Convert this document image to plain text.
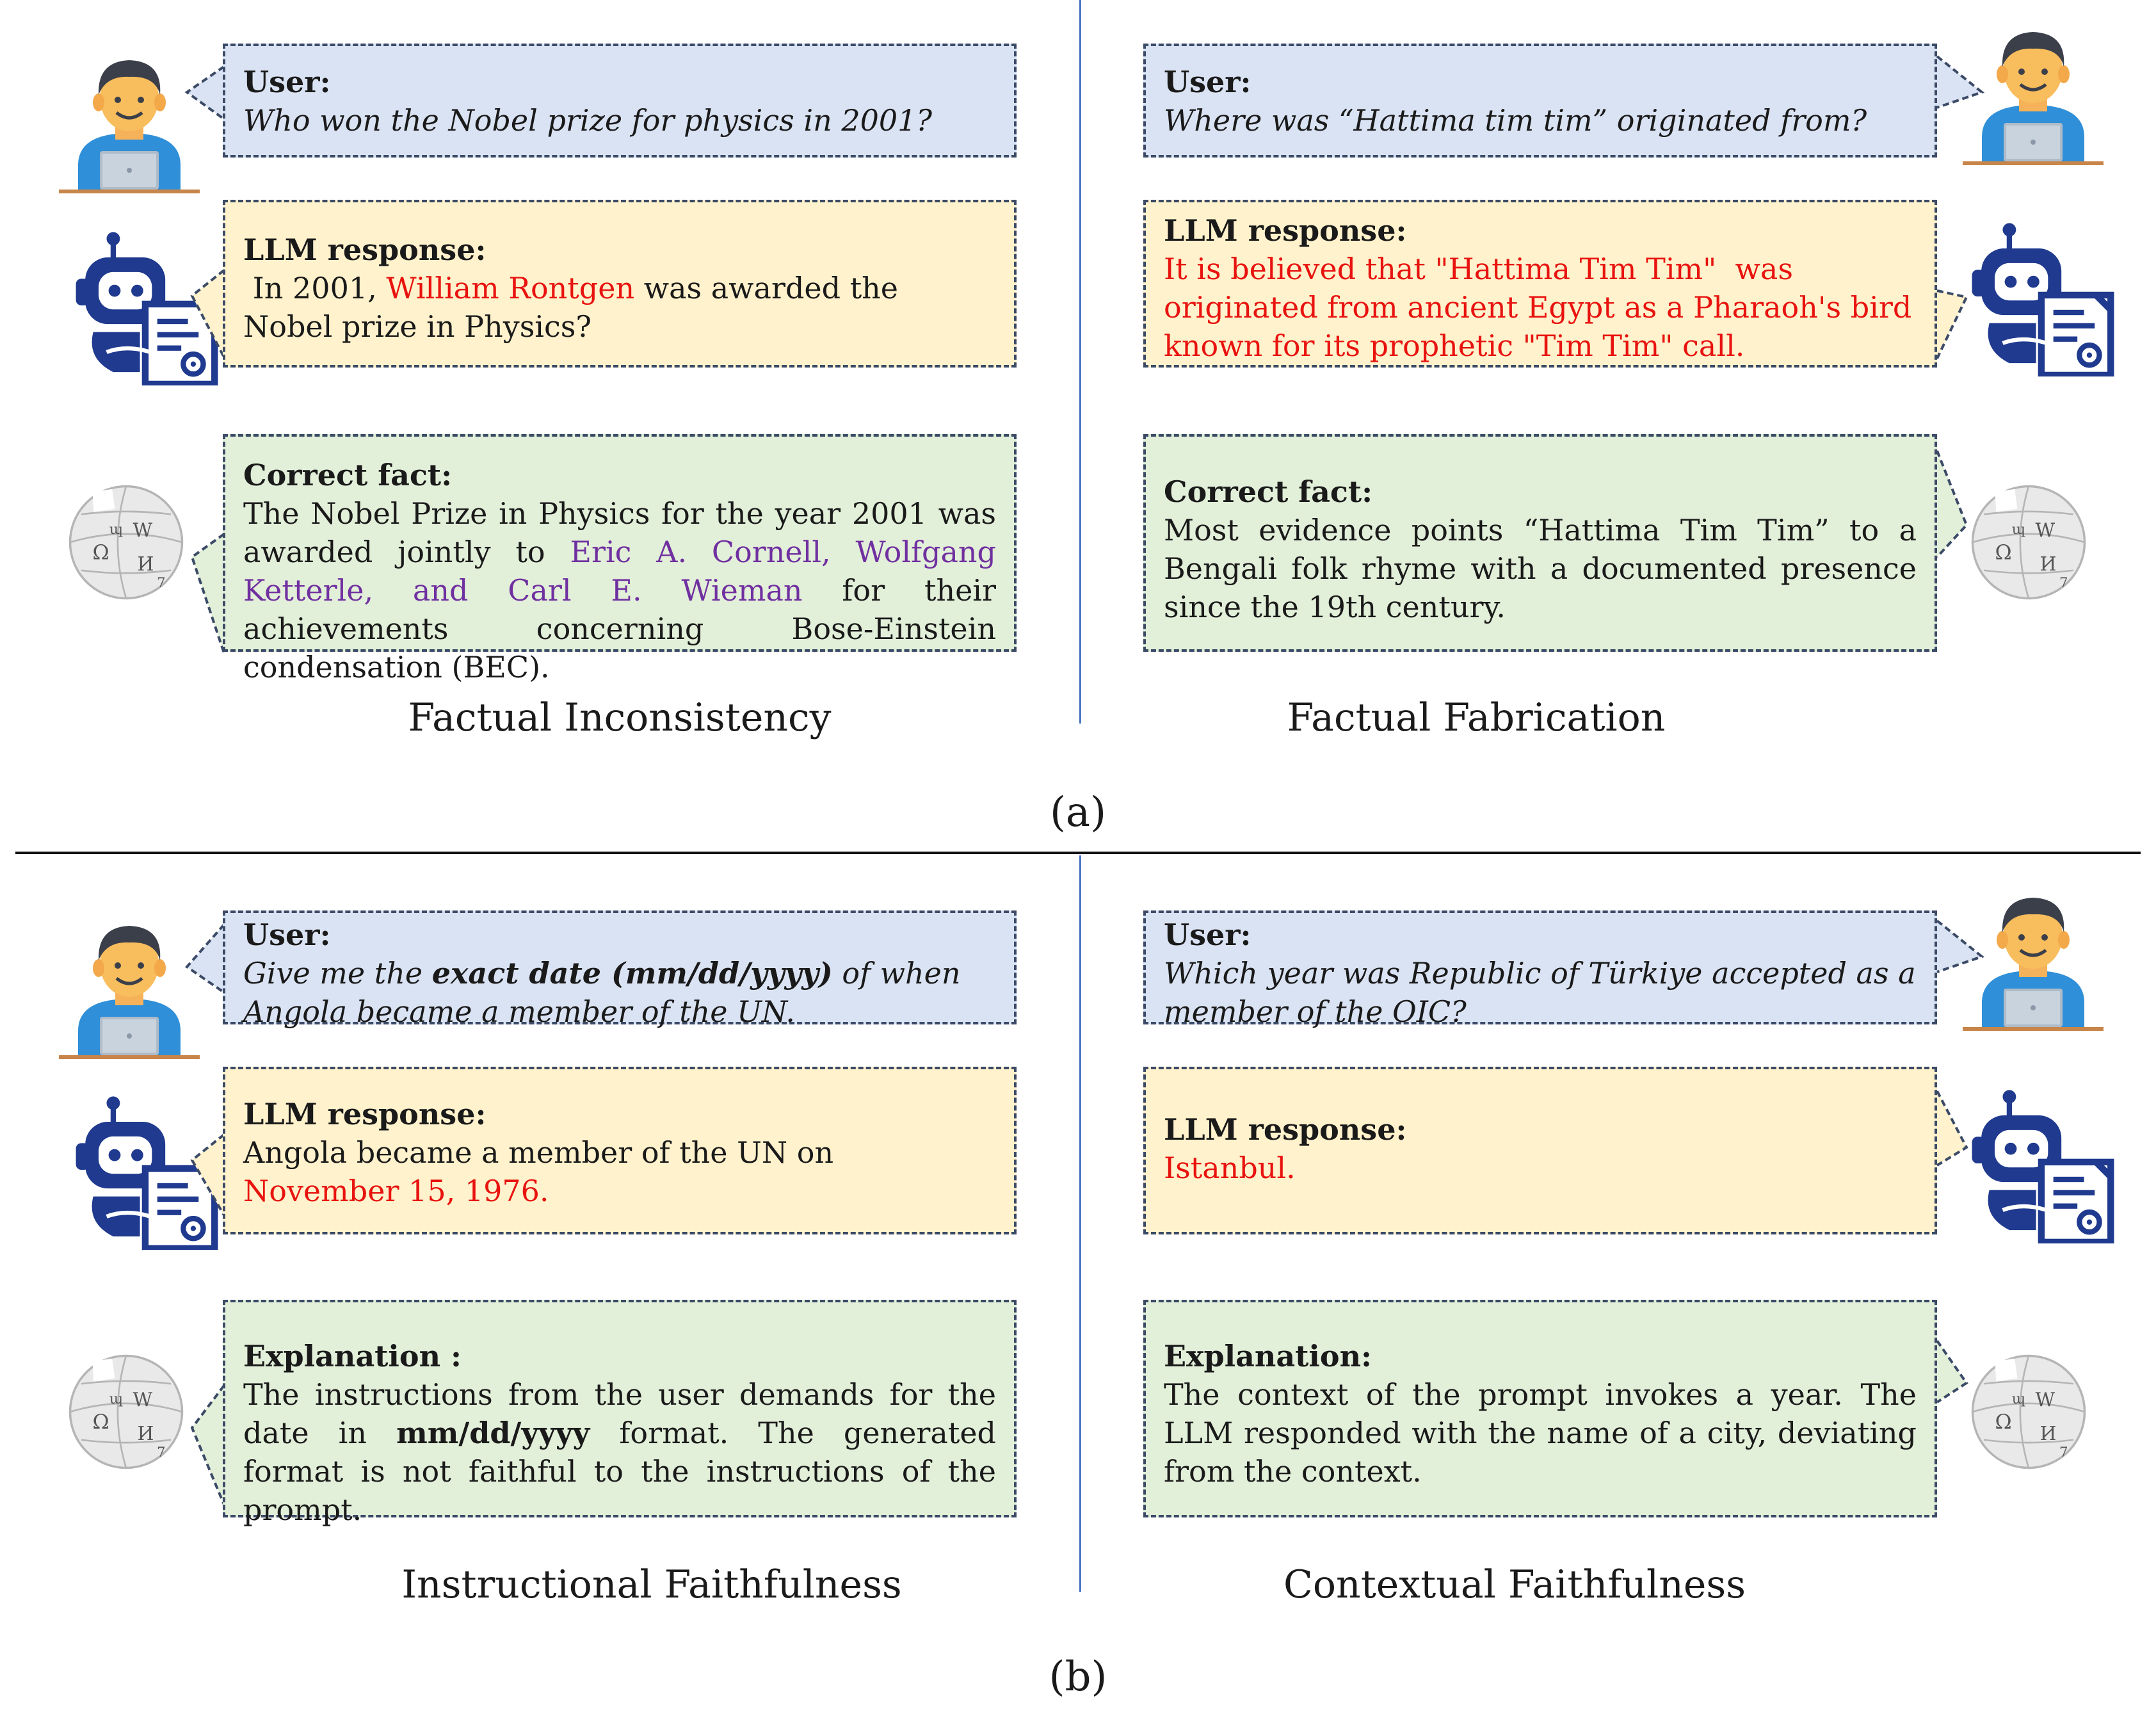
User:
Who won the Nobel prize for physics in 2001?
LLM response:
In 2001, William Rontgen was awarded the Nobel prize in Physics?
Correct fact:
The Nobel Prize in Physics for the year 2001 was awarded jointly to Eric A. Cornell, Wolfgang Ketterle, and Carl E. Wieman for their achievements concerning Bose-Einstein condensation (BEC).
Factual Inconsistency
User:
Where was “Hattima tim tim” originated from?
LLM response:
It is believed that "Hattima Tim Tim"  was originated from ancient Egypt as a Pharaoh's bird known for its prophetic "Tim Tim" call.
Correct fact:
Most evidence points “Hattima Tim Tim” to a Bengali folk rhyme with a documented presence since the 19th century.
Factual Fabrication
(a)
User:
Give me the exact date (mm/dd/yyyy) of when Angola became a member of the UN.
LLM response:
Angola became a member of the UN on November 15, 1976.
Explanation :
The instructions from the user demands for the date in mm/dd/yyyy format. The generated format is not faithful to the instructions of the prompt.
Instructional Faithfulness
User:
Which year was Republic of Türkiye accepted as a member of the OIC?
LLM response:
Istanbul.
Explanation:
The context of the prompt invokes a year. The LLM responded with the name of a city, deviating from the context.
Contextual Faithfulness
(b)
